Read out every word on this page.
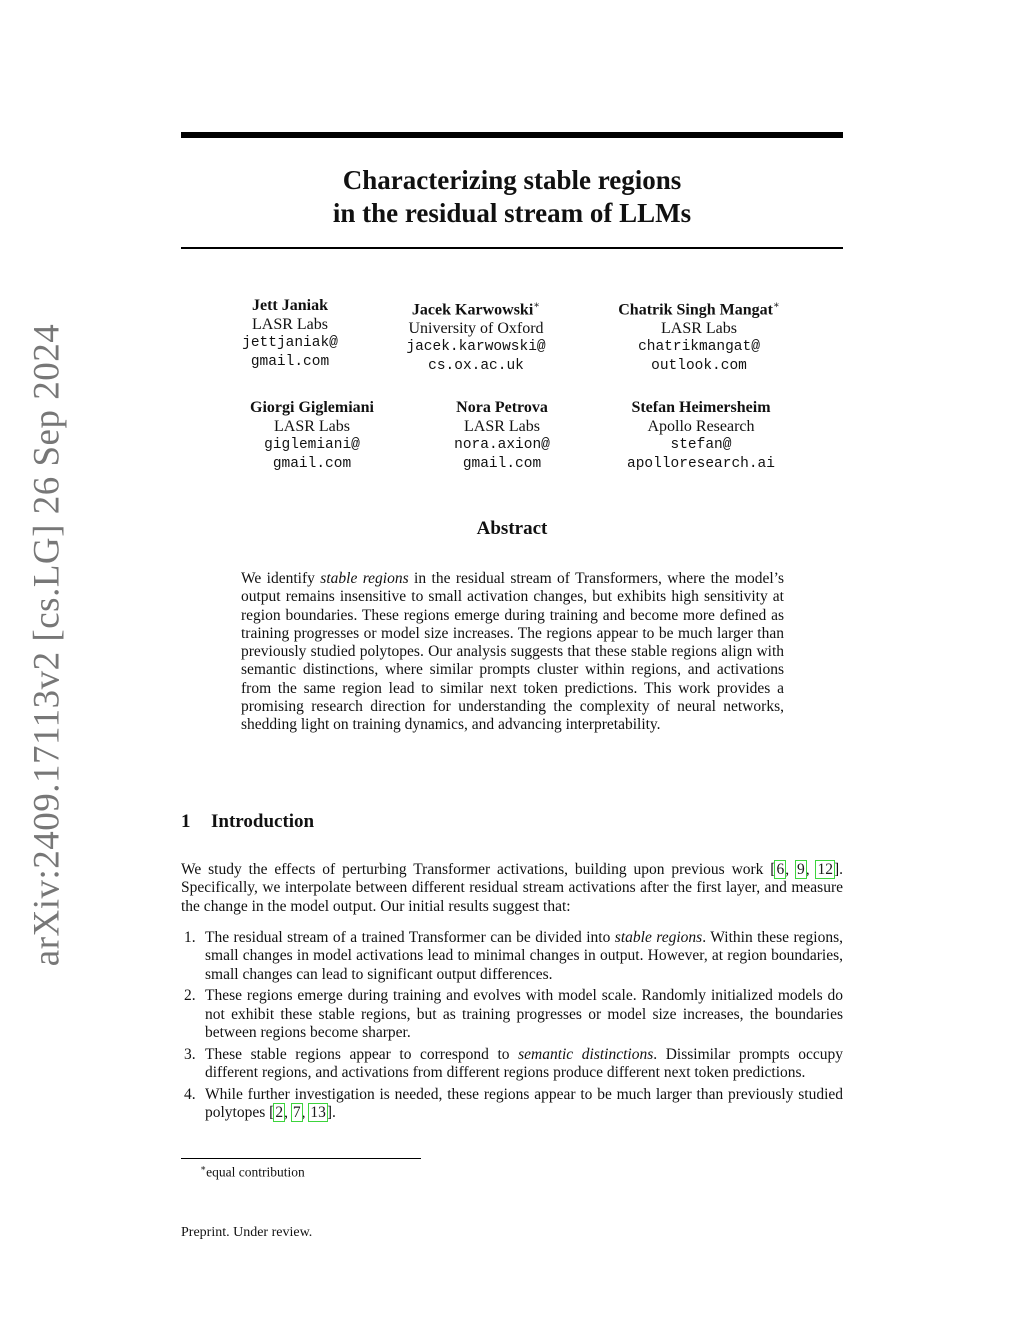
arXiv:2409.17113v2 [cs.LG] 26 Sep 2024
Characterizing stable regions
in the residual stream of LLMs
Jett Janiak
LASR Labs
jettjaniak@
gmail.com
Jacek Karwowski∗
University of Oxford
jacek.karwowski@
cs.ox.ac.uk
Chatrik Singh Mangat∗
LASR Labs
chatrikmangat@
outlook.com
Giorgi Giglemiani
LASR Labs
giglemiani@
gmail.com
Nora Petrova
LASR Labs
nora.axion@
gmail.com
Stefan Heimersheim
Apollo Research
stefan@
apolloresearch.ai
Abstract
We identify stable regions in the residual stream of Transformers, where the model’s output remains insensitive to small activation changes, but exhibits high sensitivity at region boundaries. These regions emerge during training and become more defined as training progresses or model size increases. The regions appear to be much larger than previously studied polytopes. Our analysis suggests that these stable regions align with semantic distinctions, where similar prompts cluster within regions, and activations from the same region lead to similar next token predictions. This work provides a promising research direction for understanding the complexity of neural networks, shedding light on training dynamics, and advancing interpretability.
1 Introduction
We study the effects of perturbing Transformer activations, building upon previous work [6, 9, 12]. Specifically, we interpolate between different residual stream activations after the first layer, and measure the change in the model output. Our initial results suggest that:
1. The residual stream of a trained Transformer can be divided into stable regions. Within these regions, small changes in model activations lead to minimal changes in output. However, at region boundaries, small changes can lead to significant output differences.
2. These regions emerge during training and evolves with model scale. Randomly initialized models do not exhibit these stable regions, but as training progresses or model size increases, the boundaries between regions become sharper.
3. These stable regions appear to correspond to semantic distinctions. Dissimilar prompts occupy different regions, and activations from different regions produce different next token predictions.
4. While further investigation is needed, these regions appear to be much larger than previously studied polytopes [2, 7, 13].
∗equal contribution
Preprint. Under review.
